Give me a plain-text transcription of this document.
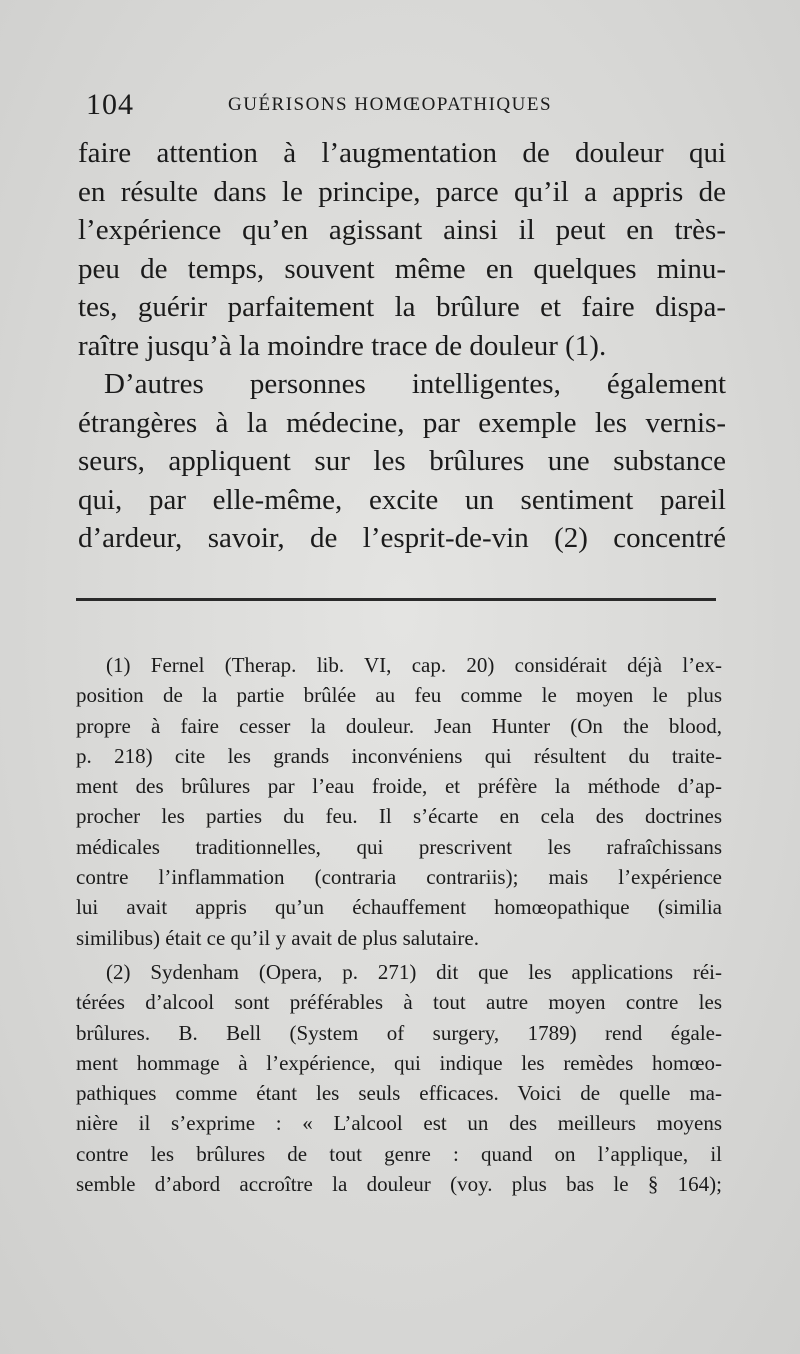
104	GUÉRISONS HOMŒOPATHIQUES

faire attention à l’augmentation de douleur qui
en résulte dans le principe, parce qu’il a appris de
l’expérience qu’en agissant ainsi il peut en très-
peu de temps, souvent même en quelques minu-
tes, guérir parfaitement la brûlure et faire dispa-
raître jusqu’à la moindre trace de douleur (1).

D’autres personnes intelligentes, également
étrangères à la médecine, par exemple les vernis-
seurs, appliquent sur les brûlures une substance
qui, par elle-même, excite un sentiment pareil
d’ardeur, savoir, de l’esprit-de-vin (2) concentré

(1) Fernel (Therap. lib. VI, cap. 20) considérait déjà l’ex-
position de la partie brûlée au feu comme le moyen le plus
propre à faire cesser la douleur. Jean Hunter (On the blood,
p. 218) cite les grands inconvéniens qui résultent du traite-
ment des brûlures par l’eau froide, et préfère la méthode d’ap-
procher les parties du feu. Il s’écarte en cela des doctrines
médicales traditionnelles, qui prescrivent les rafraîchissans
contre l’inflammation (contraria contrariis); mais l’expérience
lui avait appris qu’un échauffement homœopathique (similia
similibus) était ce qu’il y avait de plus salutaire.

(2) Sydenham (Opera, p. 271) dit que les applications réi-
térées d’alcool sont préférables à tout autre moyen contre les
brûlures. B. Bell (System of surgery, 1789) rend égale-
ment hommage à l’expérience, qui indique les remèdes homœo-
pathiques comme étant les seuls efficaces. Voici de quelle ma-
nière il s’exprime : « L’alcool est un des meilleurs moyens
contre les brûlures de tout genre : quand on l’applique, il
semble d’abord accroître la douleur (voy. plus bas le § 164);
